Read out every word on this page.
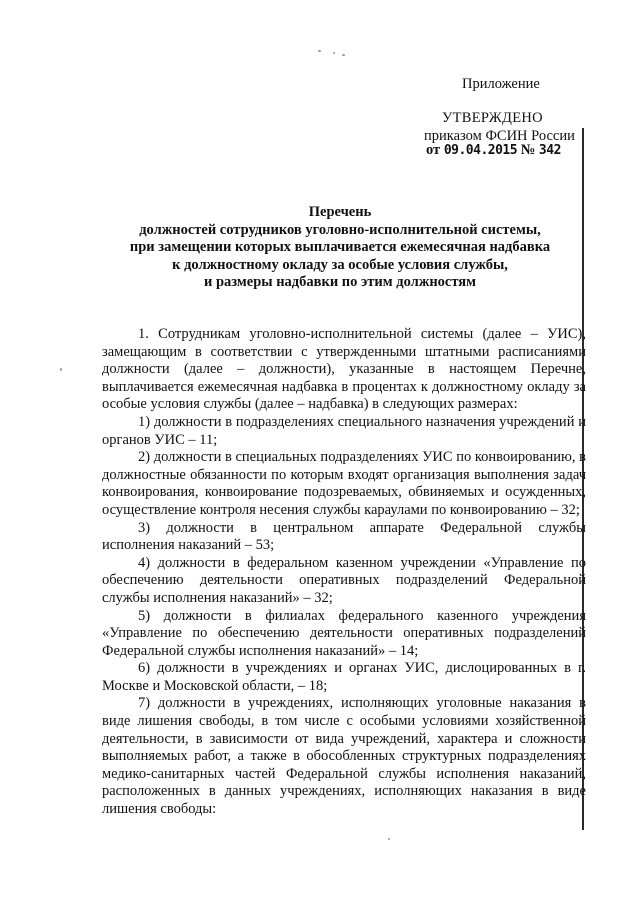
Приложение
УТВЕРЖДЕНО
приказом ФСИН России
от 09.04.2015 № 342
Перечень
должностей сотрудников уголовно-исполнительной системы,
при замещении которых выплачивается ежемесячная надбавка
к должностному окладу за особые условия службы,
и размеры надбавки по этим должностям

1. Сотрудникам уголовно-исполнительной системы (далее – УИС), замещающим в соответствии с утвержденными штатными расписаниями должности (далее – должности), указанные в настоящем Перечне, выплачивается ежемесячная надбавка в процентах к должностному окладу за особые условия службы (далее – надбавка) в следующих размерах:

1) должности в подразделениях специального назначения учреждений и органов УИС – 11;

2) должности в специальных подразделениях УИС по конвоированию, в должностные обязанности по которым входят организация выполнения задач конвоирования, конвоирование подозреваемых, обвиняемых и осужденных, осуществление контроля несения службы караулами по конвоированию – 32;

3) должности в центральном аппарате Федеральной службы исполнения наказаний – 53;

4) должности в федеральном казенном учреждении «Управление по обеспечению деятельности оперативных подразделений Федеральной службы исполнения наказаний» – 32;

5) должности в филиалах федерального казенного учреждения «Управление по обеспечению деятельности оперативных подразделений Федеральной службы исполнения наказаний» – 14;

6) должности в учреждениях и органах УИС, дислоцированных в г. Москве и Московской области, – 18;

7) должности в учреждениях, исполняющих уголовные наказания в виде лишения свободы, в том числе с особыми условиями хозяйственной деятельности, в зависимости от вида учреждений, характера и сложности выполняемых работ, а также в обособленных структурных подразделениях медико-санитарных частей Федеральной службы исполнения наказаний, расположенных в данных учреждениях, исполняющих наказания в виде лишения свободы:
